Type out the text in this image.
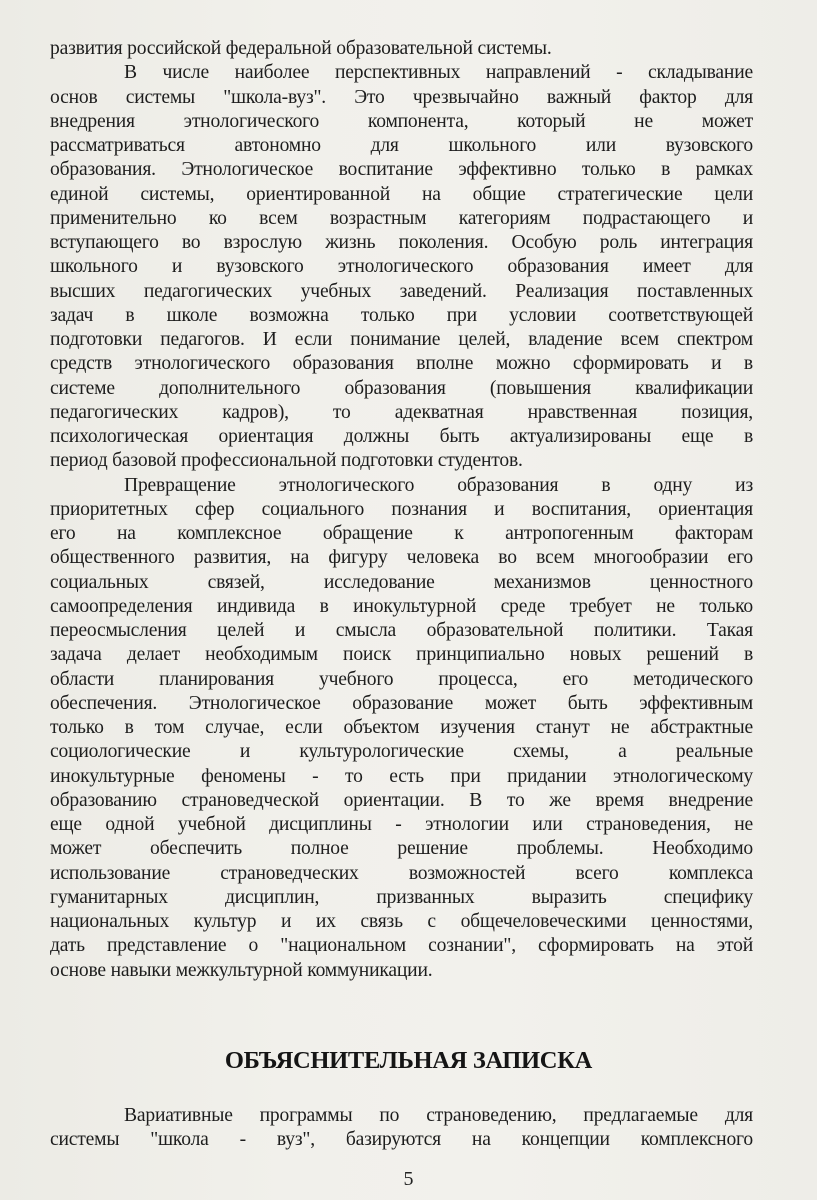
развития российской федеральной образовательной системы.
В числе наиболее перспективных направлений - складывание
основ системы "школа-вуз". Это чрезвычайно важный фактор для
внедрения этнологического компонента, который не может
рассматриваться автономно для школьного или вузовского
образования. Этнологическое воспитание эффективно только в рамках
единой системы, ориентированной на общие стратегические цели
применительно ко всем возрастным категориям подрастающего и
вступающего во взрослую жизнь поколения. Особую роль интеграция
школьного и вузовского этнологического образования имеет для
высших педагогических учебных заведений. Реализация поставленных
задач в школе возможна только при условии соответствующей
подготовки педагогов. И если понимание целей, владение всем спектром
средств этнологического образования вполне можно сформировать и в
системе дополнительного образования (повышения квалификации
педагогических кадров), то адекватная нравственная позиция,
психологическая ориентация должны быть актуализированы еще в
период базовой профессиональной подготовки студентов.
Превращение этнологического образования в одну из
приоритетных сфер социального познания и воспитания, ориентация
его на комплексное обращение к антропогенным факторам
общественного развития, на фигуру человека во всем многообразии его
социальных связей, исследование механизмов ценностного
самоопределения индивида в инокультурной среде требует не только
переосмысления целей и смысла образовательной политики. Такая
задача делает необходимым поиск принципиально новых решений в
области планирования учебного процесса, его методического
обеспечения. Этнологическое образование может быть эффективным
только в том случае, если объектом изучения станут не абстрактные
социологические и культурологические схемы, а реальные
инокультурные феномены - то есть при придании этнологическому
образованию страноведческой ориентации. В то же время внедрение
еще одной учебной дисциплины - этнологии или страноведения, не
может обеспечить полное решение проблемы. Необходимо
использование страноведческих возможностей всего комплекса
гуманитарных дисциплин, призванных выразить специфику
национальных культур и их связь с общечеловеческими ценностями,
дать представление о "национальном сознании", сформировать на этой
основе навыки межкультурной коммуникации.
ОБЪЯСНИТЕЛЬНАЯ ЗАПИСКА
Вариативные программы по страноведению, предлагаемые для
системы "школа - вуз", базируются на концепции комплексного
5
